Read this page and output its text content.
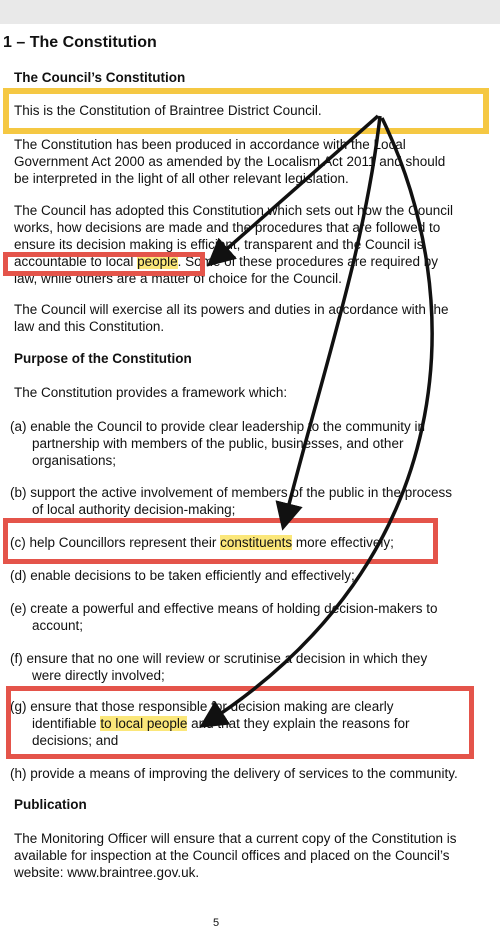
1 – The Constitution
The Council’s Constitution
This is the Constitution of Braintree District Council.
The Constitution has been produced in accordance with the Local
Government Act 2000 as amended by the Localism Act 2011 and should
be interpreted in the light of all other relevant legislation.
The Council has adopted this Constitution which sets out how the Council
works, how decisions are made and the procedures that are followed to
ensure its decision making is efficient, transparent and the Council is
accountable to local people. Some of these procedures are required by
law, while others are a matter of choice for the Council.
The Council will exercise all its powers and duties in accordance with the
law and this Constitution.
Purpose of the Constitution
The Constitution provides a framework which:
(a) enable the Council to provide clear leadership to the community in
partnership with members of the public, businesses, and other
organisations;
(b) support the active involvement of members of the public in the process
of local authority decision-making;
(c) help Councillors represent their constituents more effectively;
(d) enable decisions to be taken efficiently and effectively;
(e) create a powerful and effective means of holding decision-makers to
account;
(f) ensure that no one will review or scrutinise a decision in which they
were directly involved;
(g) ensure that those responsible for decision making are clearly
identifiable to local people and that they explain the reasons for
decisions; and
(h) provide a means of improving the delivery of services to the community.
Publication
The Monitoring Officer will ensure that a current copy of the Constitution is
available for inspection at the Council offices and placed on the Council’s
website: www.braintree.gov.uk.
5
